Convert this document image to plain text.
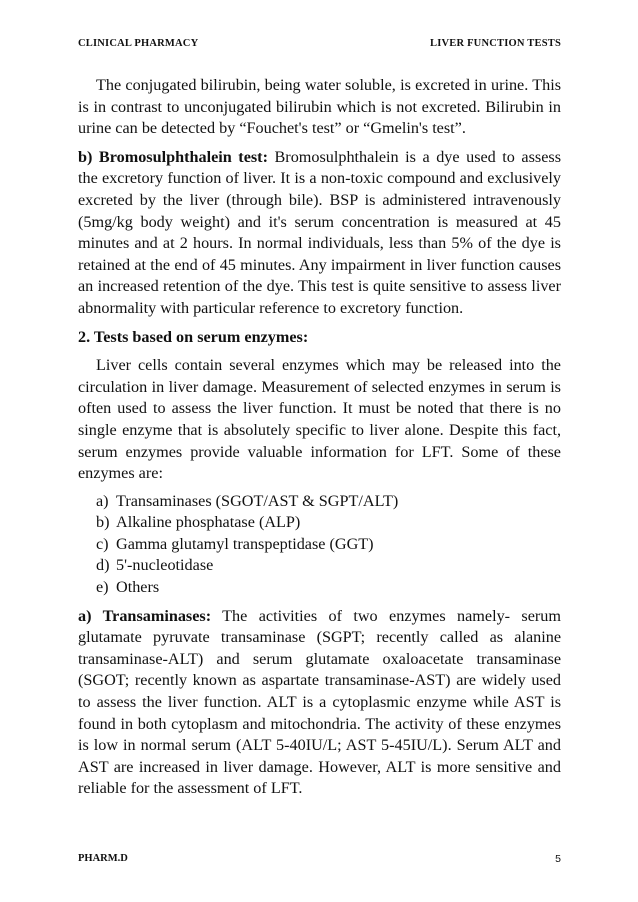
CLINICAL PHARMACY	LIVER FUNCTION TESTS

The conjugated bilirubin, being water soluble, is excreted in urine. This is in contrast to unconjugated bilirubin which is not excreted. Bilirubin in urine can be detected by “Fouchet's test” or “Gmelin's test”.

b) Bromosulphthalein test: Bromosulphthalein is a dye used to assess the excretory function of liver. It is a non-toxic compound and exclusively excreted by the liver (through bile). BSP is administered intravenously (5mg/kg body weight) and it's serum concentration is measured at 45 minutes and at 2 hours. In normal individuals, less than 5% of the dye is retained at the end of 45 minutes. Any impairment in liver function causes an increased retention of the dye. This test is quite sensitive to assess liver abnormality with particular reference to excretory function.

2. Tests based on serum enzymes:

Liver cells contain several enzymes which may be released into the circulation in liver damage. Measurement of selected enzymes in serum is often used to assess the liver function. It must be noted that there is no single enzyme that is absolutely specific to liver alone. Despite this fact, serum enzymes provide valuable information for LFT. Some of these enzymes are:

a) Transaminases (SGOT/AST & SGPT/ALT)
b) Alkaline phosphatase (ALP)
c) Gamma glutamyl transpeptidase (GGT)
d) 5'-nucleotidase
e) Others

a) Transaminases: The activities of two enzymes namely- serum glutamate pyruvate transaminase (SGPT; recently called as alanine transaminase-ALT) and serum glutamate oxaloacetate transaminase (SGOT; recently known as aspartate transaminase-AST) are widely used to assess the liver function. ALT is a cytoplasmic enzyme while AST is found in both cytoplasm and mitochondria. The activity of these enzymes is low in normal serum (ALT 5-40IU/L; AST 5-45IU/L). Serum ALT and AST are increased in liver damage. However, ALT is more sensitive and reliable for the assessment of LFT.

PHARM.D	5
